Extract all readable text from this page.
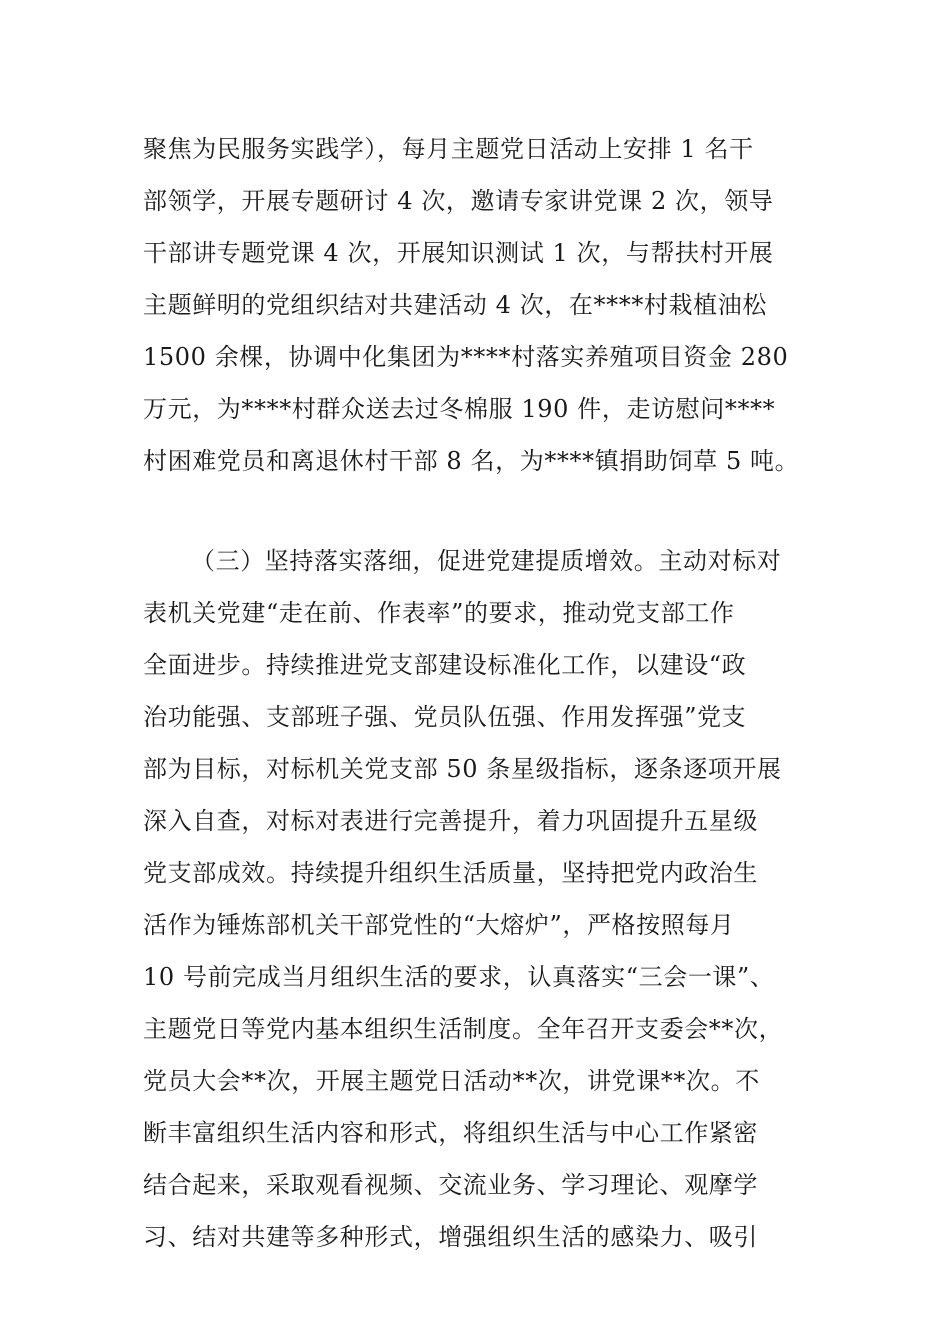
聚焦为民服务实践学），每月主题党日活动上安排 1 名干
部领学，开展专题研讨 4 次，邀请专家讲党课 2 次，领导
干部讲专题党课 4 次，开展知识测试 1 次，与帮扶村开展
主题鲜明的党组织结对共建活动 4 次，在****村栽植油松
1500 余棵，协调中化集团为****村落实养殖项目资金 280
万元，为****村群众送去过冬棉服 190 件，走访慰问****
村困难党员和离退休村干部 8 名，为****镇捐助饲草 5 吨。
（三）坚持落实落细，促进党建提质增效。主动对标对
表机关党建“走在前、作表率”的要求，推动党支部工作
全面进步。持续推进党支部建设标准化工作，以建设“政
治功能强、支部班子强、党员队伍强、作用发挥强”党支
部为目标，对标机关党支部 50 条星级指标，逐条逐项开展
深入自查，对标对表进行完善提升，着力巩固提升五星级
党支部成效。持续提升组织生活质量，坚持把党内政治生
活作为锤炼部机关干部党性的“大熔炉”，严格按照每月
10 号前完成当月组织生活的要求，认真落实“三会一课”、
主题党日等党内基本组织生活制度。全年召开支委会**次，
党员大会**次，开展主题党日活动**次，讲党课**次。不
断丰富组织生活内容和形式，将组织生活与中心工作紧密
结合起来，采取观看视频、交流业务、学习理论、观摩学
习、结对共建等多种形式，增强组织生活的感染力、吸引
